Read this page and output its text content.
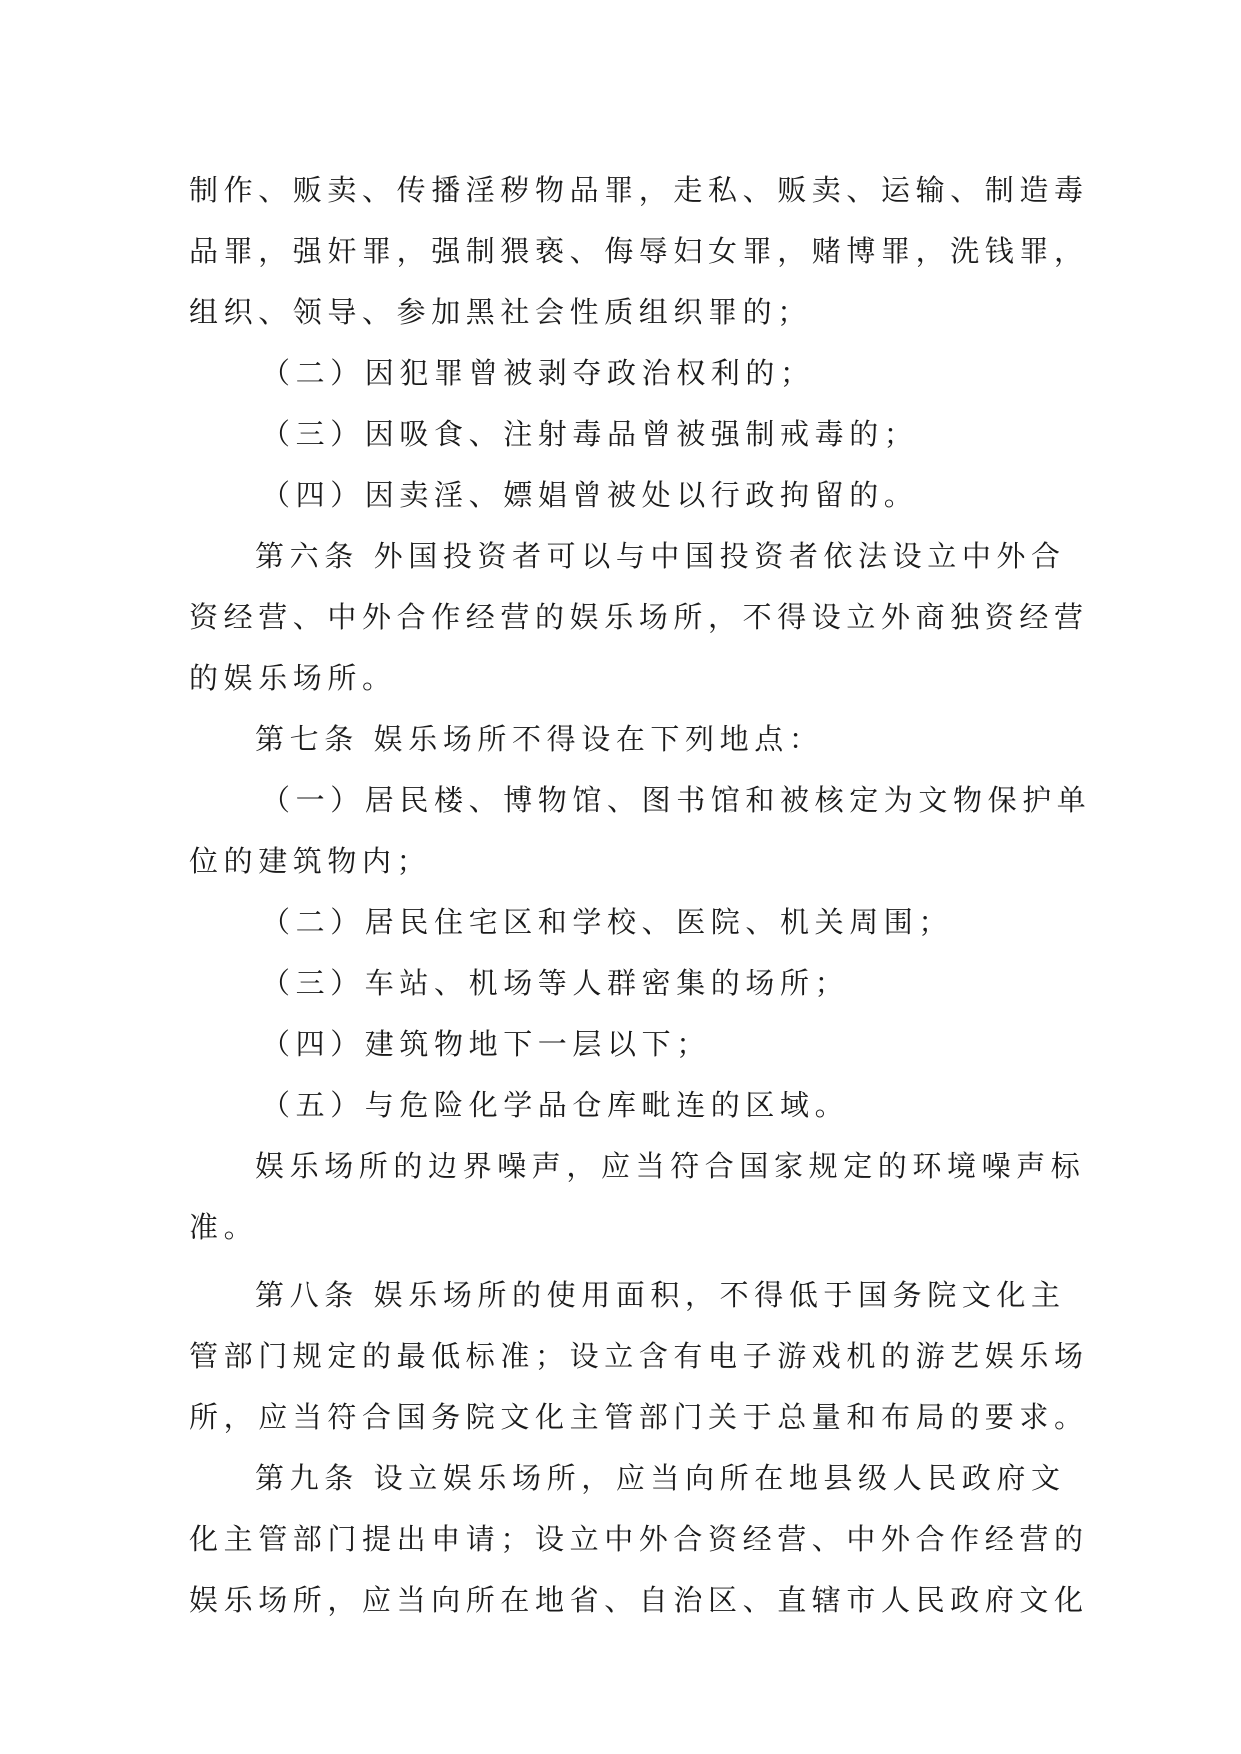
制作、贩卖、传播淫秽物品罪，走私、贩卖、运输、制造毒
品罪，强奸罪，强制猥亵、侮辱妇女罪，赌博罪，洗钱罪，
组织、领导、参加黑社会性质组织罪的；
（二）因犯罪曾被剥夺政治权利的；
（三）因吸食、注射毒品曾被强制戒毒的；
（四）因卖淫、嫖娼曾被处以行政拘留的。
第六条 外国投资者可以与中国投资者依法设立中外合
资经营、中外合作经营的娱乐场所，不得设立外商独资经营
的娱乐场所。
第七条 娱乐场所不得设在下列地点：
（一）居民楼、博物馆、图书馆和被核定为文物保护单
位的建筑物内；
（二）居民住宅区和学校、医院、机关周围；
（三）车站、机场等人群密集的场所；
（四）建筑物地下一层以下；
（五）与危险化学品仓库毗连的区域。
娱乐场所的边界噪声，应当符合国家规定的环境噪声标
准。
第八条 娱乐场所的使用面积，不得低于国务院文化主
管部门规定的最低标准；设立含有电子游戏机的游艺娱乐场
所，应当符合国务院文化主管部门关于总量和布局的要求。
第九条 设立娱乐场所，应当向所在地县级人民政府文
化主管部门提出申请；设立中外合资经营、中外合作经营的
娱乐场所，应当向所在地省、自治区、直辖市人民政府文化
